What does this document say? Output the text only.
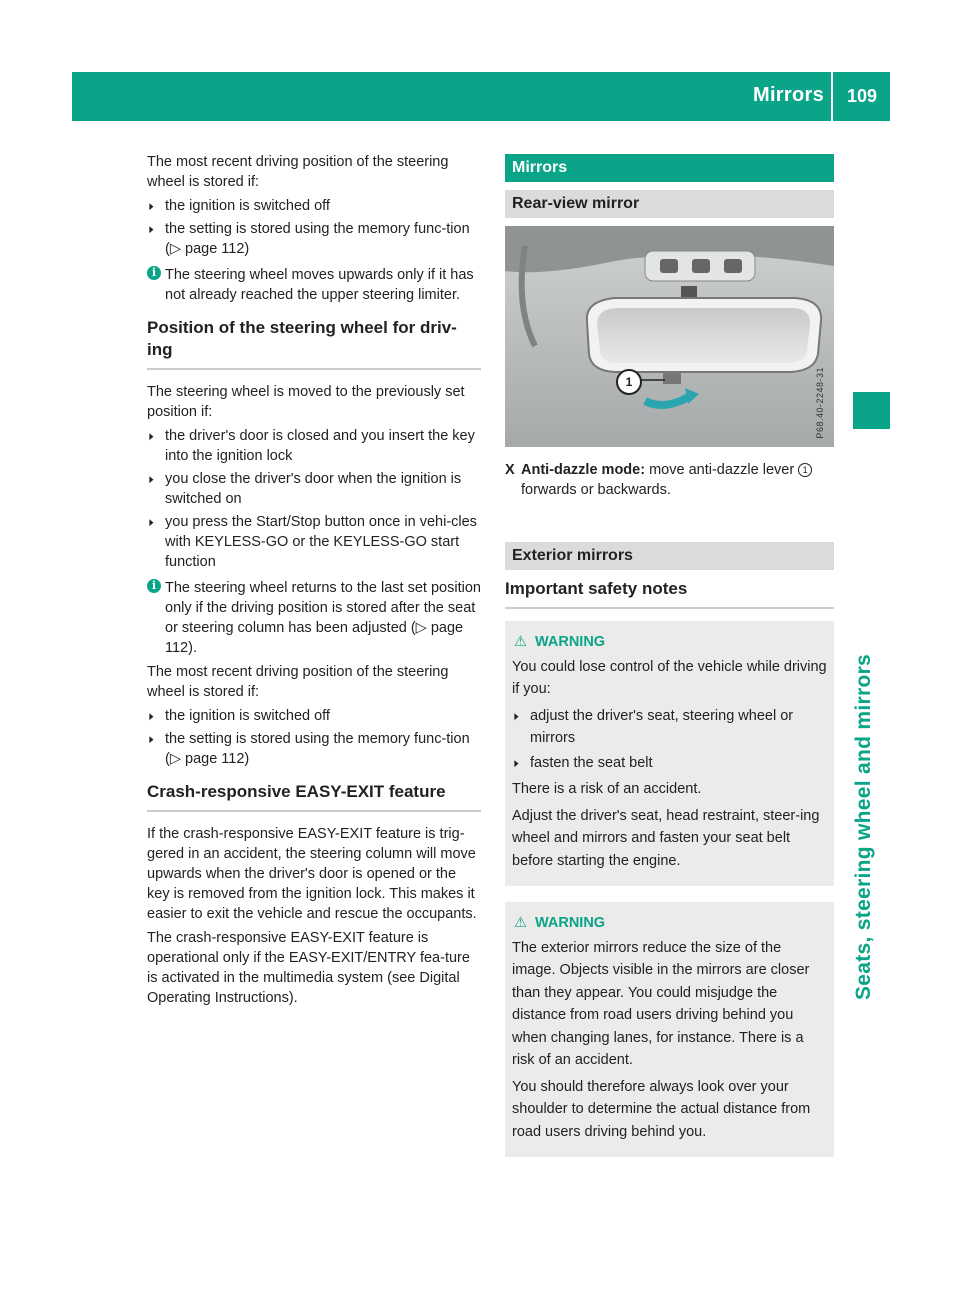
Mirrors	109
Seats, steering wheel and mirrors

The most recent driving position of the steering wheel is stored if:

▶ the ignition is switched off
▶ the setting is stored using the memory func-tion (▷ page 112)
i The steering wheel moves upwards only if it has not already reached the upper steering limiter.
Position of the steering wheel for driv-ing

The steering wheel is moved to the previously set position if:

▶ the driver's door is closed and you insert the key into the ignition lock
▶ you close the driver's door when the ignition is switched on
▶ you press the Start/Stop button once in vehi-cles with KEYLESS-GO or the KEYLESS-GO start function
i The steering wheel returns to the last set position only if the driving position is stored after the seat or steering column has been adjusted (▷ page 112).

The most recent driving position of the steering wheel is stored if:

▶ the ignition is switched off
▶ the setting is stored using the memory func-tion (▷ page 112)
Crash-responsive EASY-EXIT feature

If the crash-responsive EASY-EXIT feature is trig-gered in an accident, the steering column will move upwards when the driver's door is opened or the key is removed from the ignition lock. This makes it easier to exit the vehicle and rescue the occupants.

The crash-responsive EASY-EXIT feature is operational only if the EASY-EXIT/ENTRY fea-ture is activated in the multimedia system (see Digital Operating Instructions).

Mirrors
Rear-view mirror
1	P68.40-2248-31
X Anti-dazzle mode: move anti-dazzle lever 1 forwards or backwards.
Exterior mirrors
Important safety notes
⚠ WARNING

You could lose control of the vehicle while driving if you:

▶ adjust the driver's seat, steering wheel or mirrors
▶ fasten the seat belt

There is a risk of an accident.

Adjust the driver's seat, head restraint, steer-ing wheel and mirrors and fasten your seat belt before starting the engine.

⚠ WARNING

The exterior mirrors reduce the size of the image. Objects visible in the mirrors are closer than they appear. You could misjudge the distance from road users driving behind you when changing lanes, for instance. There is a risk of an accident.

You should therefore always look over your shoulder to determine the actual distance from road users driving behind you.
